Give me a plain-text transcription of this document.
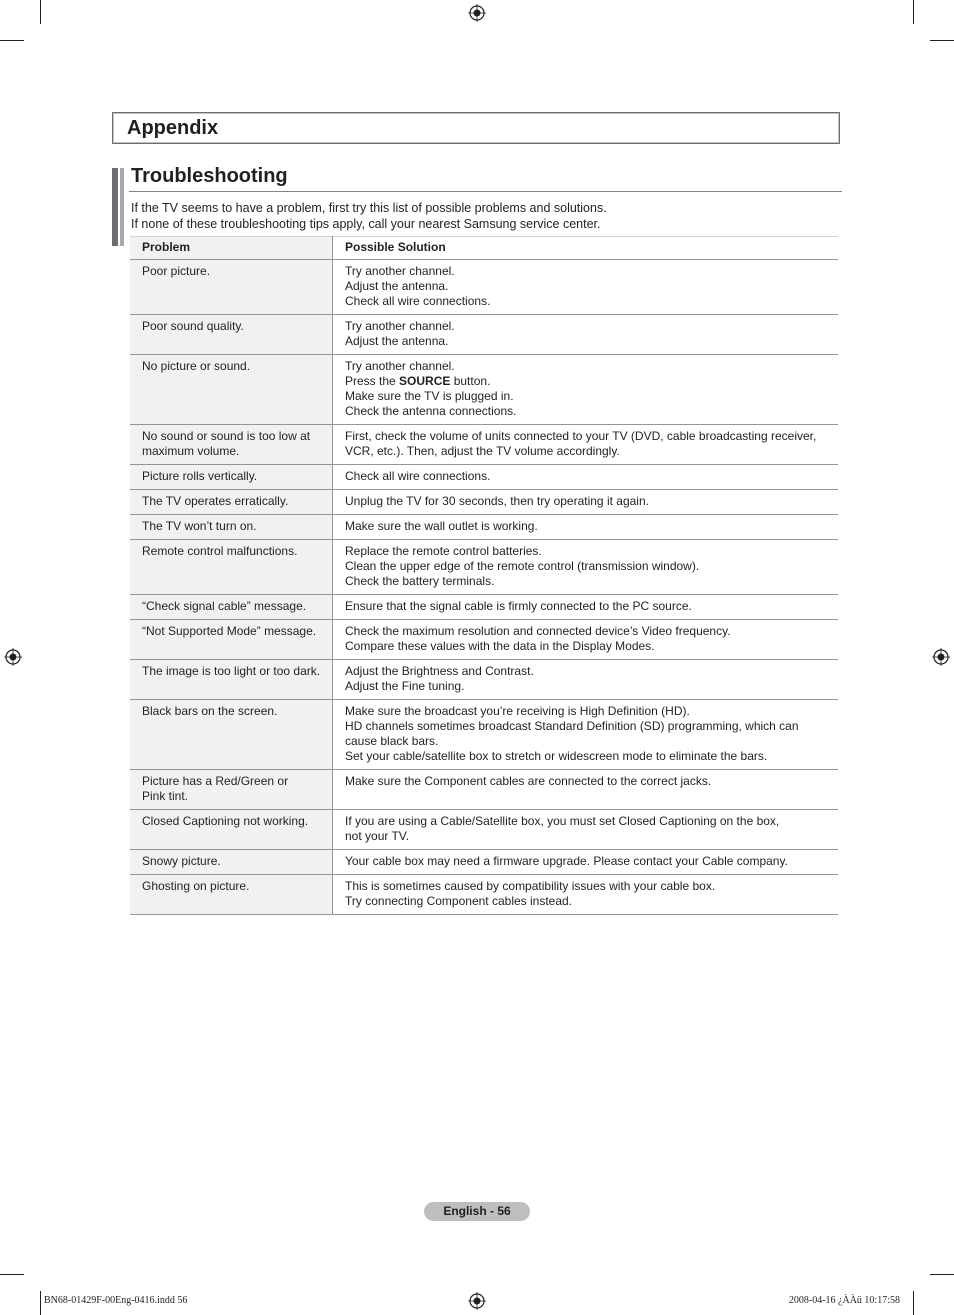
Appendix
Troubleshooting

If the TV seems to have a problem, first try this list of possible problems and solutions.

If none of these troubleshooting tips apply, call your nearest Samsung service center.

Problem	Possible Solution

Poor picture.	Try another channel.
Adjust the antenna.
Check all wire connections.

Poor sound quality.	Try another channel.
Adjust the antenna.

No picture or sound.	Try another channel.
Press the SOURCE button.
Make sure the TV is plugged in.
Check the antenna connections.

No sound or sound is too low at
maximum volume.	First, check the volume of units connected to your TV (DVD, cable broadcasting receiver,
VCR, etc.). Then, adjust the TV volume accordingly.

Picture rolls vertically.	Check all wire connections.

The TV operates erratically.	Unplug the TV for 30 seconds, then try operating it again.

The TV won’t turn on.	Make sure the wall outlet is working.

Remote control malfunctions.	Replace the remote control batteries.
Clean the upper edge of the remote control (transmission window).
Check the battery terminals.

“Check signal cable” message.	Ensure that the signal cable is firmly connected to the PC source.

“Not Supported Mode” message.	Check the maximum resolution and connected device’s Video frequency.
Compare these values with the data in the Display Modes.

The image is too light or too dark.	Adjust the Brightness and Contrast.
Adjust the Fine tuning.

Black bars on the screen.	Make sure the broadcast you’re receiving is High Definition (HD).
HD channels sometimes broadcast Standard Definition (SD) programming, which can
cause black bars.
Set your cable/satellite box to stretch or widescreen mode to eliminate the bars.

Picture has a Red/Green or
Pink tint.	Make sure the Component cables are connected to the correct jacks.

Closed Captioning not working.	If you are using a Cable/Satellite box, you must set Closed Captioning on the box,
not your TV.

Snowy picture.	Your cable box may need a firmware upgrade. Please contact your Cable company.

Ghosting on picture.	This is sometimes caused by compatibility issues with your cable box.
Try connecting Component cables instead.
English - 56
BN68-01429F-00Eng-0416.indd 56	2008-04-16 ¿ÀÀü 10:17:58
